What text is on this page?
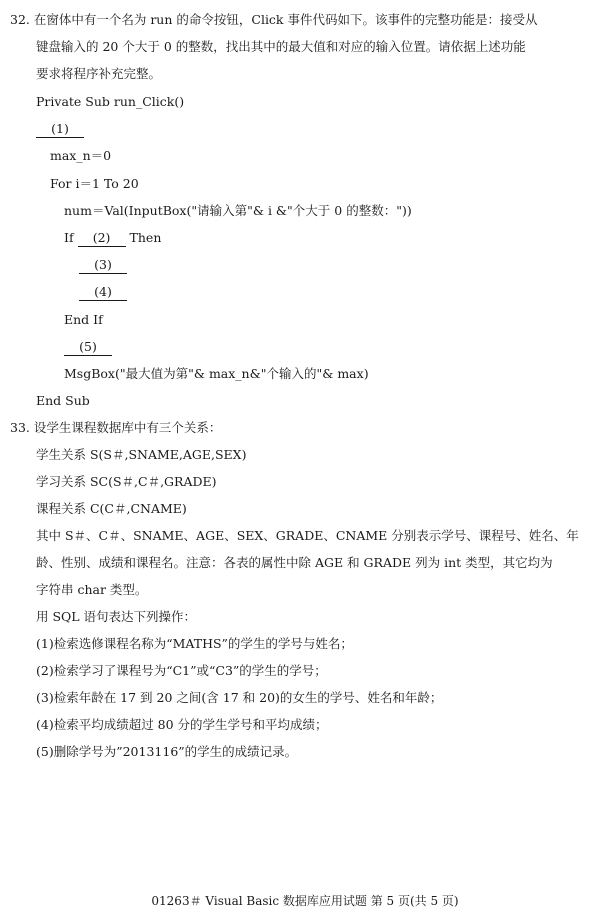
32. 在窗体中有一个名为 run 的命令按钮，Click 事件代码如下。该事件的完整功能是：接受从
键盘输入的 20 个大于 0 的整数，找出其中的最大值和对应的输入位置。请依据上述功能
要求将程序补充完整。
Private Sub run_Click()
(1)
max_n＝0
For i＝1 To 20
num＝Val(InputBox("请输入第"& i &"个大于 0 的整数："))
If (2) Then
(3)
(4)
End If
(5)
MsgBox("最大值为第"& max_n&"个输入的"& max)
End Sub
33. 设学生课程数据库中有三个关系：
学生关系 S(S＃,SNAME,AGE,SEX)
学习关系 SC(S＃,C＃,GRADE)
课程关系 C(C＃,CNAME)
其中 S＃、C＃、SNAME、AGE、SEX、GRADE、CNAME 分别表示学号、课程号、姓名、年
龄、性别、成绩和课程名。注意：各表的属性中除 AGE 和 GRADE 列为 int 类型，其它均为
字符串 char 类型。
用 SQL 语句表达下列操作：
(1)检索选修课程名称为“MATHS”的学生的学号与姓名；
(2)检索学习了课程号为“C1”或“C3”的学生的学号；
(3)检索年龄在 17 到 20 之间(含 17 和 20)的女生的学号、姓名和年龄；
(4)检索平均成绩超过 80 分的学生学号和平均成绩；
(5)删除学号为”2013116”的学生的成绩记录。
01263＃ Visual Basic 数据库应用试题 第 5 页(共 5 页)
